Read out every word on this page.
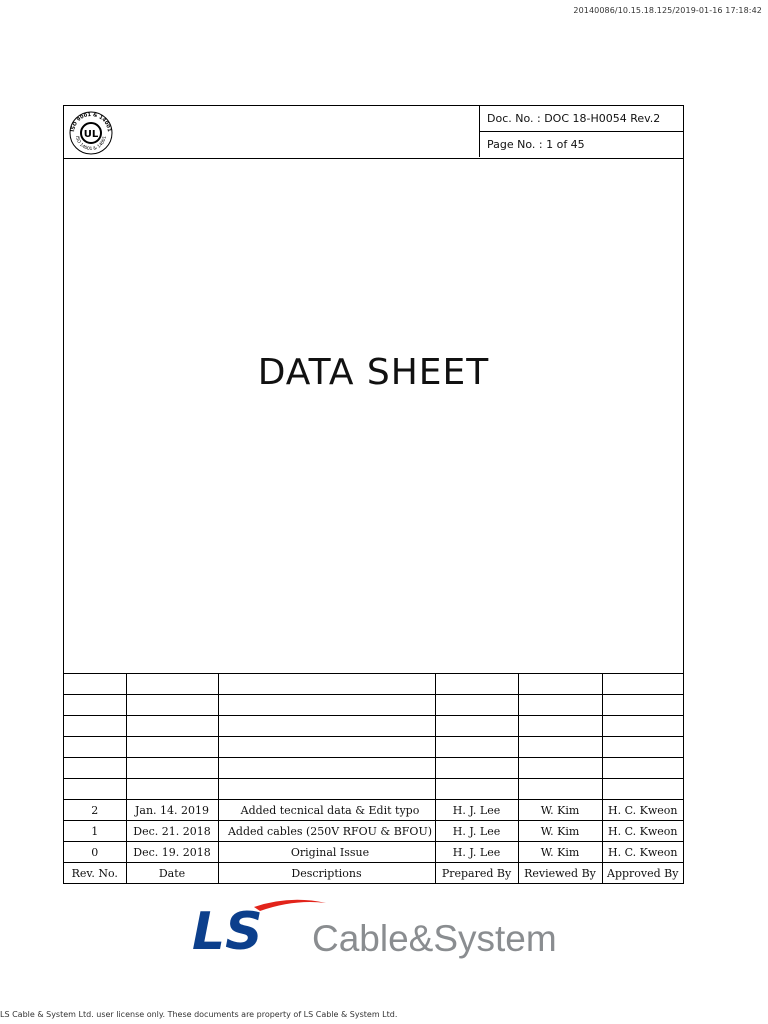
20140086/10.15.18.125/2019-01-16 17:18:42
ISO 9001 & 14001
UL
ISO 14001 & 14001
Doc. No. : DOC 18-H0054 Rev.2
Page No. : 1 of 45
DATA SHEET

2	Jan. 14. 2019	Added tecnical data & Edit typo	H. J. Lee	W. Kim	H. C. Kweon
1	Dec. 21. 2018	Added cables (250V RFOU & BFOU)	H. J. Lee	W. Kim	H. C. Kweon
0	Dec. 19. 2018	Original Issue	H. J. Lee	W. Kim	H. C. Kweon
Rev. No.	Date	Descriptions	Prepared By	Reviewed By	Approved By
LS Cable&System
LS Cable & System Ltd. user license only. These documents are property of LS Cable & System Ltd.
